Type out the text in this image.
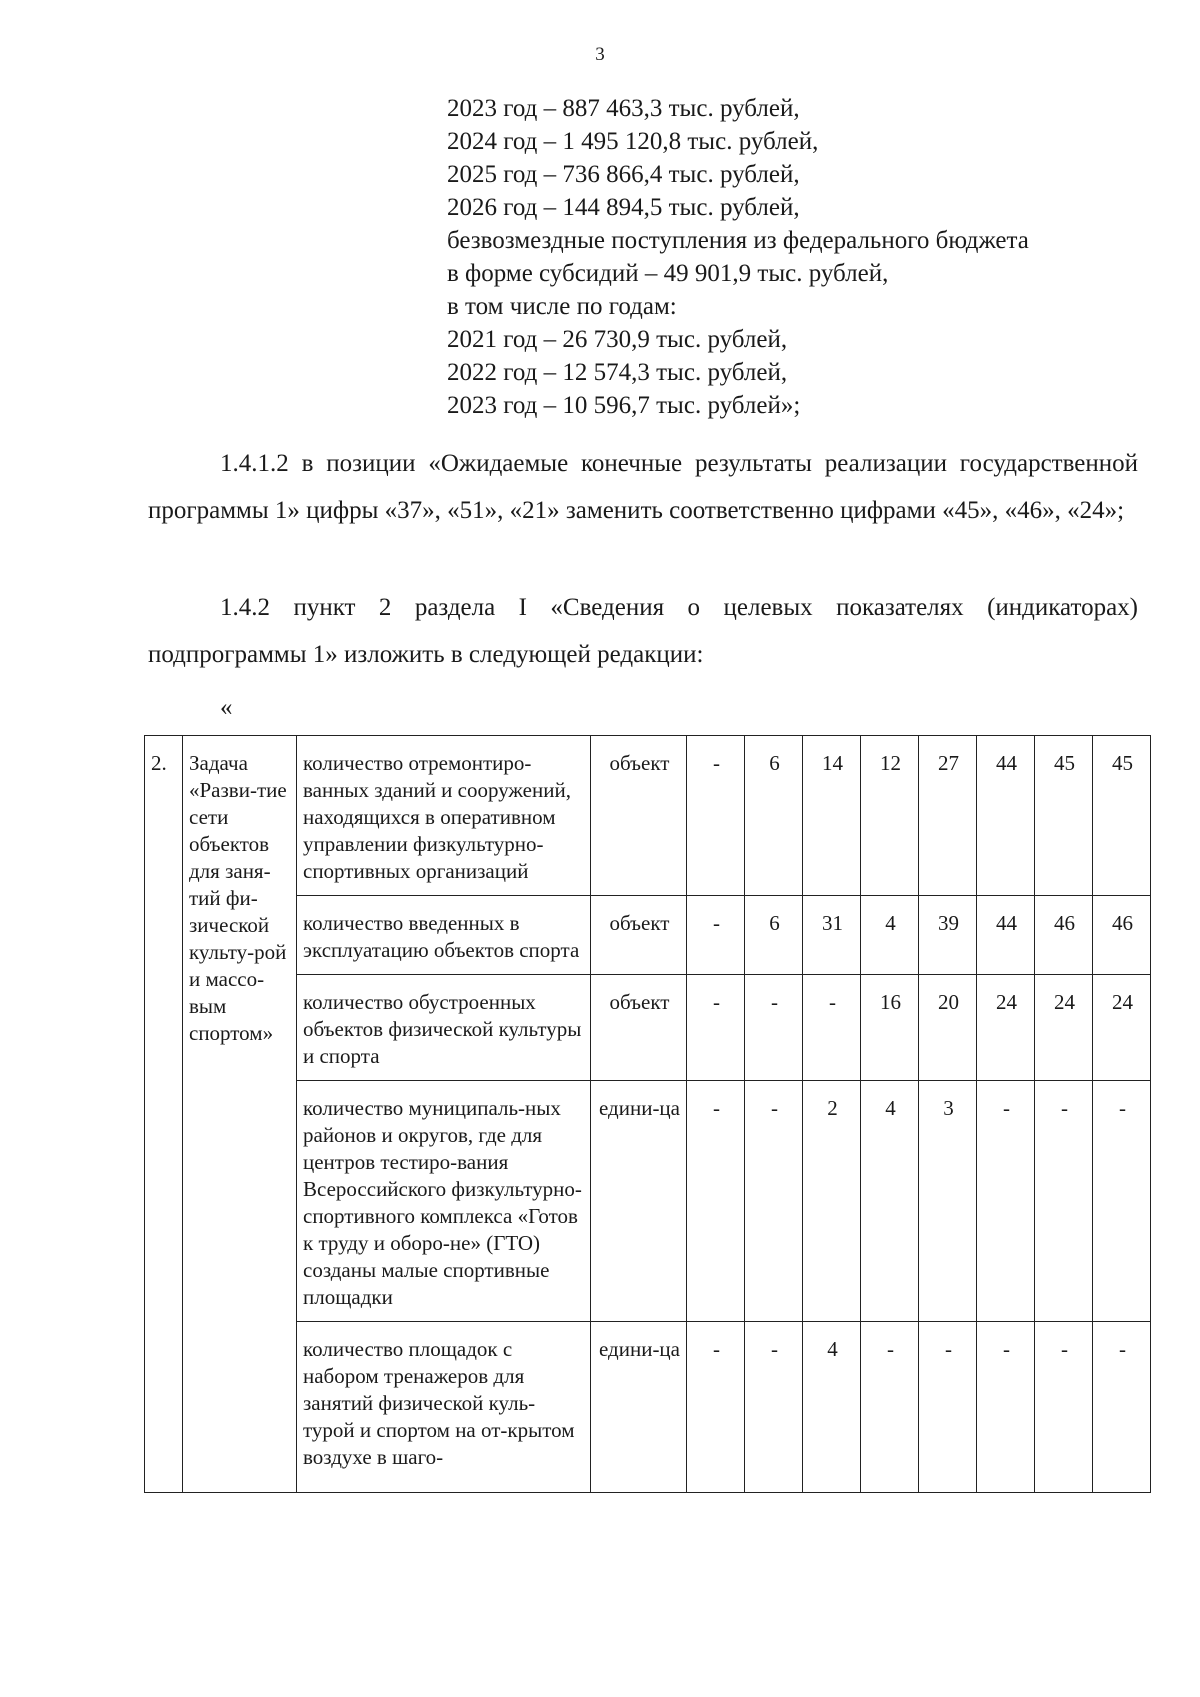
3
2023 год – 887 463,3 тыс. рублей,
2024 год – 1 495 120,8 тыс. рублей,
2025 год – 736 866,4 тыс. рублей,
2026 год – 144 894,5 тыс. рублей,
безвозмездные поступления из федерального бюджета
в форме субсидий – 49 901,9 тыс. рублей,
в том числе по годам:
2021 год – 26 730,9 тыс. рублей,
2022 год – 12 574,3 тыс. рублей,
2023 год – 10 596,7 тыс. рублей»;
1.4.1.2 в позиции «Ожидаемые конечные результаты реализации государственной программы 1» цифры «37», «51», «21» заменить соответственно цифрами «45», «46», «24»;
1.4.2 пункт 2 раздела I «Сведения о целевых показателях (индикаторах) подпрограммы 1» изложить в следующей редакции:
«
2.	Задача «Разви-тие сети объектов для заня-тий фи-зической культу-рой и массо-вым спортом»	количество отремонтиро-ванных зданий и сооружений, находящихся в оперативном управлении физкультурно-спортивных организаций	объект	-	6	14	12	27	44	45	45
		количество введенных в эксплуатацию объектов спорта	объект	-	6	31	4	39	44	46	46
		количество обустроенных объектов физической культуры и спорта	объект	-	-	-	16	20	24	24	24
		количество муниципаль-ных районов и округов, где для центров тестиро-вания Всероссийского физкультурно-спортивного комплекса «Готов к труду и оборо-не» (ГТО) созданы малые спортивные площадки	едини-ца	-	-	2	4	3	-	-	-
		количество площадок с набором тренажеров для занятий физической куль-турой и спортом на от-крытом воздухе в шаго-	едини-ца	-	-	4	-	-	-	-	-
